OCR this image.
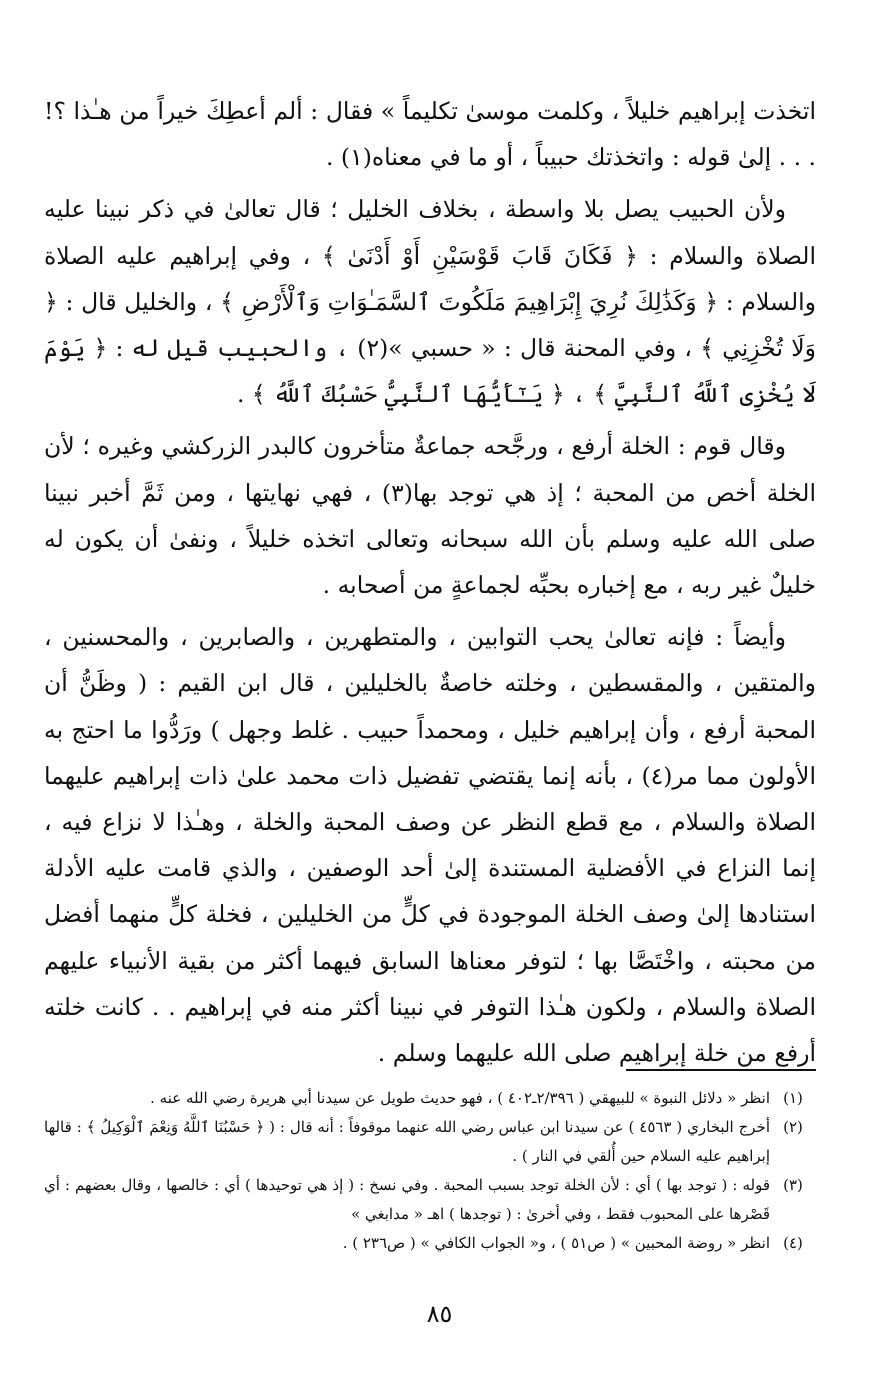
اتخذت إبراهيم خليلاً ، وكلمت موسىٰ تكليماً » فقال : ألم أعطِكَ خيراً من هـٰذا ؟! . . . إلىٰ قوله : واتخذتك حبيباً ، أو ما في معناه(١) .

ولأن الحبيب يصل بلا واسطة ، بخلاف الخليل ؛ قال تعالىٰ في ذكر نبينا عليه الصلاة والسلام : ﴿ فَكَانَ قَابَ قَوْسَيْنِ أَوْ أَدْنَىٰ ﴾ ، وفي إبراهيم عليه الصلاة والسلام : ﴿ وَكَذَٰلِكَ نُرِيَ إِبْرَاهِيمَ مَلَكُوتَ ٱلسَّمَـٰوَاتِ وَٱلْأَرْضِ ﴾ ، والخليل قال : ﴿ وَلَا تُخْزِنِي ﴾ ، وفي المحنة قال : « حسبي »(٢) ، والحبيب قيل له : ﴿ يَوْمَ لَا يُخْزِى ٱللَّهُ ٱلنَّبِيَّ ﴾ ، ﴿ يَـٰٓأَيُّهَا ٱلنَّبِيُّ حَسْبُكَ ٱللَّهُ ﴾ .

وقال قوم : الخلة أرفع ، ورجَّحه جماعةٌ متأخرون كالبدر الزركشي وغيره ؛ لأن الخلة أخص من المحبة ؛ إذ هي توجد بها(٣) ، فهي نهايتها ، ومن ثَمَّ أخبر نبينا صلى الله عليه وسلم بأن الله سبحانه وتعالى اتخذه خليلاً ، ونفىٰ أن يكون له خليلٌ غير ربه ، مع إخباره بحبِّه لجماعةٍ من أصحابه .

وأيضاً : فإنه تعالىٰ يحب التوابين ، والمتطهرين ، والصابرين ، والمحسنين ، والمتقين ، والمقسطين ، وخلته خاصةٌ بالخليلين ، قال ابن القيم : ( وظَنُّ أن المحبة أرفع ، وأن إبراهيم خليل ، ومحمداً حبيب . غلط وجهل ) ورَدُّوا ما احتج به الأولون مما مر(٤) ، بأنه إنما يقتضي تفضيل ذات محمد علىٰ ذات إبراهيم عليهما الصلاة والسلام ، مع قطع النظر عن وصف المحبة والخلة ، وهـٰذا لا نزاع فيه ، إنما النزاع في الأفضلية المستندة إلىٰ أحد الوصفين ، والذي قامت عليه الأدلة استنادها إلىٰ وصف الخلة الموجودة في كلٍّ من الخليلين ، فخلة كلٍّ منهما أفضل من محبته ، واخْتَصَّا بها ؛ لتوفر معناها السابق فيهما أكثر من بقية الأنبياء عليهم الصلاة والسلام ، ولكون هـٰذا التوفر في نبينا أكثر منه في إبراهيم . . كانت خلته أرفع من خلة إبراهيم صلى الله عليهما وسلم .

(١)
انظر « دلائل النبوة » للبيهقي ( ٢/٣٩٦ـ٤٠٢ ) ، فهو حديث طويل عن سيدنا أبي هريرة رضي الله عنه .
(٢)
أخرج البخاري ( ٤٥٦٣ ) عن سيدنا ابن عباس رضي الله عنهما موقوفاً : أنه قال : ( ﴿ حَسْبُنَا ٱللَّهُ وَنِعْمَ ٱلْوَكِيلُ ﴾ : قالها إبراهيم عليه السلام حين أُلقي في النار ) .
(٣)
قوله : ( توجد بها ) أي : لأن الخلة توجد بسبب المحبة . وفي نسخ : ( إذ هي توحيدها ) أي : خالصها ، وقال بعضهم : أي قَصْرها على المحبوب فقط ، وفي أخرىٰ : ( توجدها ) اهـ « مدابغي »
(٤)
انظر « روضة المحبين » ( ص٥١ ) ، و« الجواب الكافي » ( ص٢٣٦ ) .
٨٥
